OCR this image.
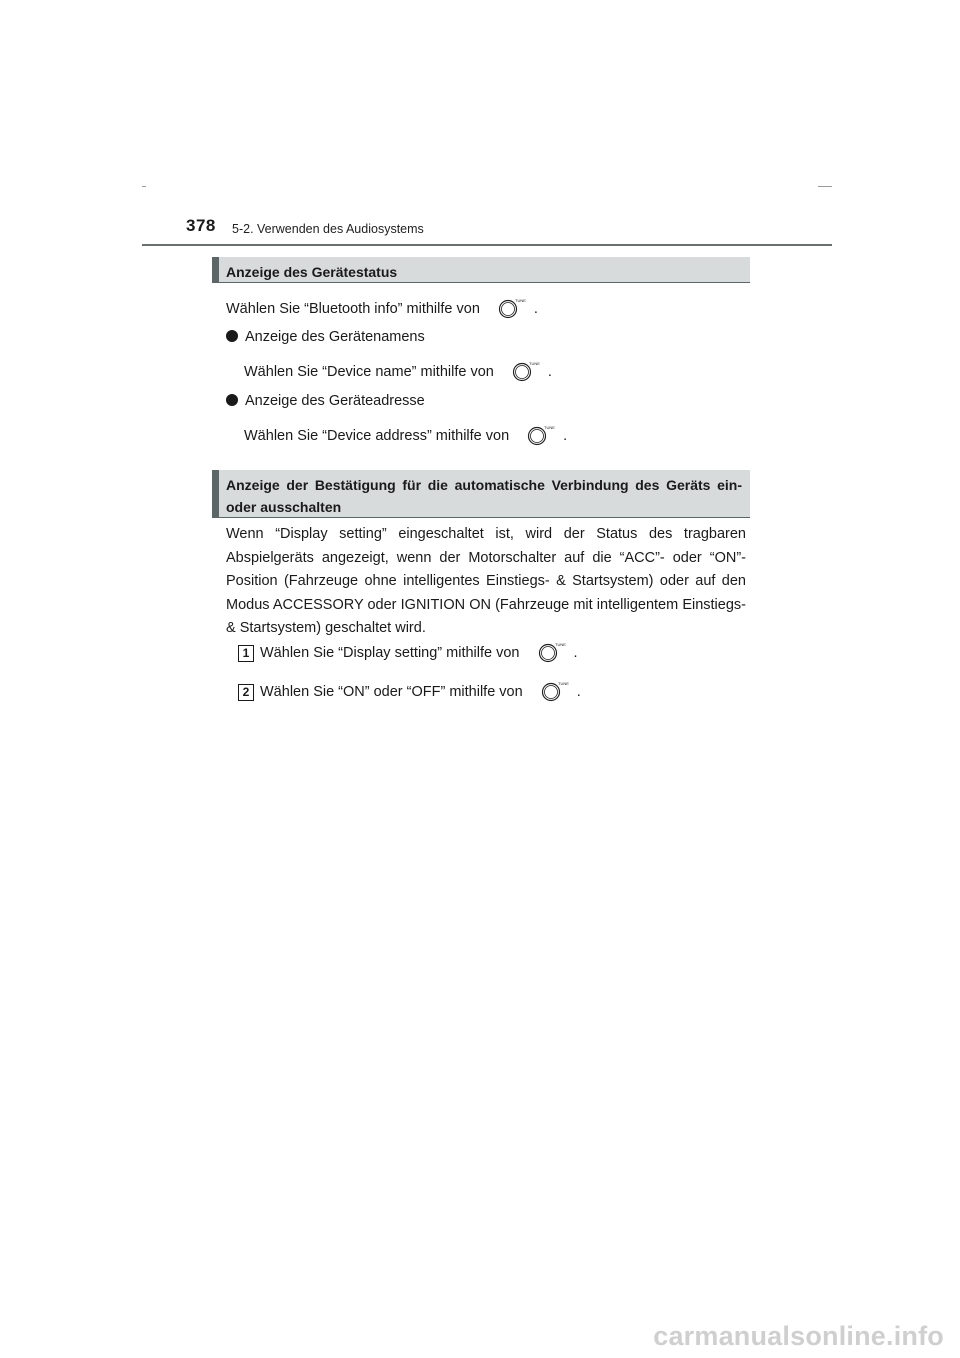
378 5-2. Verwenden des Audiosystems
Anzeige des Gerätestatus
Wählen Sie “Bluetooth info” mithilfe von
TUNE
.
Anzeige des Gerätenamens
Wählen Sie “Device name” mithilfe von
TUNE
.
Anzeige des Geräteadresse
Wählen Sie “Device address” mithilfe von
TUNE
.
Anzeige der Bestätigung für die automatische Verbindung des Geräts ein- oder ausschalten
Wenn “Display setting” eingeschaltet ist, wird der Status des tragbaren Abspielgeräts angezeigt, wenn der Motorschalter auf die “ACC”- oder “ON”- Position (Fahrzeuge ohne intelligentes Einstiegs- & Startsystem) oder auf den Modus ACCESSORY oder IGNITION ON (Fahrzeuge mit intelligentem Einstiegs- & Startsystem) geschaltet wird.
1 Wählen Sie “Display setting” mithilfe von
TUNE
.
2 Wählen Sie “ON” oder “OFF” mithilfe von
TUNE
.
carmanualsonline.info
